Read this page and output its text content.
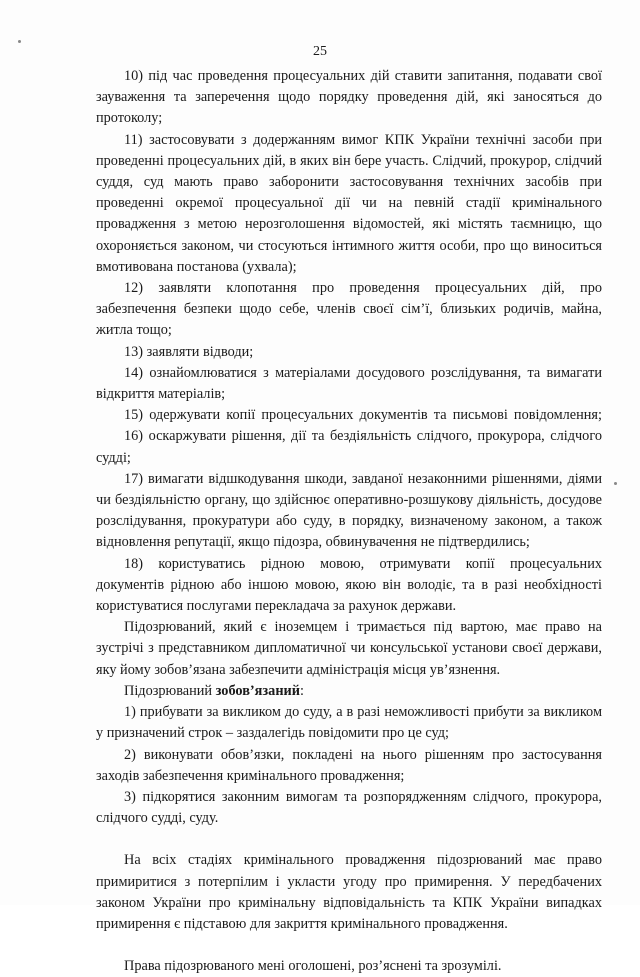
25

10) під час проведення процесуальних дій ставити запитання, подавати свої зауваження та заперечення щодо порядку проведення дій, які заносяться до протоколу;

11) застосовувати з додержанням вимог КПК України технічні засоби при проведенні процесуальних дій, в яких він бере участь. Слідчий, прокурор, слідчий суддя, суд мають право заборонити застосовування технічних засобів при проведенні окремої процесуальної дії чи на певній стадії кримінального провадження з метою нерозголошення відомостей, які містять таємницю, що охороняється законом, чи стосуються інтимного життя особи, про що виноситься вмотивована постанова (ухвала);

12) заявляти клопотання про проведення процесуальних дій, про забезпечення безпеки щодо себе, членів своєї сім’ї, близьких родичів, майна, житла тощо;

13) заявляти відводи;

14) ознайомлюватися з матеріалами досудового розслідування, та вимагати відкриття матеріалів;

15) одержувати копії процесуальних документів та письмові повідомлення;

16) оскаржувати рішення, дії та бездіяльність слідчого, прокурора, слідчого судді;

17) вимагати відшкодування шкоди, завданої незаконними рішеннями, діями чи бездіяльністю органу, що здійснює оперативно-розшукову діяльність, досудове розслідування, прокуратури або суду, в порядку, визначеному законом, а також відновлення репутації, якщо підозра, обвинувачення не підтвердились;

18) користуватись рідною мовою, отримувати копії процесуальних документів рідною або іншою мовою, якою він володіє, та в разі необхідності користуватися послугами перекладача за рахунок держави.

Підозрюваний, який є іноземцем і тримається під вартою, має право на зустрічі з представником дипломатичної чи консульської установи своєї держави, яку йому зобов’язана забезпечити адміністрація місця ув’язнення.

Підозрюваний зобов’язаний:

1) прибувати за викликом до суду, а в разі неможливості прибути за викликом у призначений строк – заздалегідь повідомити про це суд;

2) виконувати обов’язки, покладені на нього рішенням про застосування заходів забезпечення кримінального провадження;

3) підкорятися законним вимогам та розпорядженням слідчого, прокурора, слідчого судді, суду.

На всіх стадіях кримінального провадження підозрюваний має право примиритися з потерпілим і укласти угоду про примирення. У передбачених законом України про кримінальну відповідальність та КПК України випадках примирення є підставою для закриття кримінального провадження.

Права підозрюваного мені оголошені, роз’яснені та зрозумілі.
